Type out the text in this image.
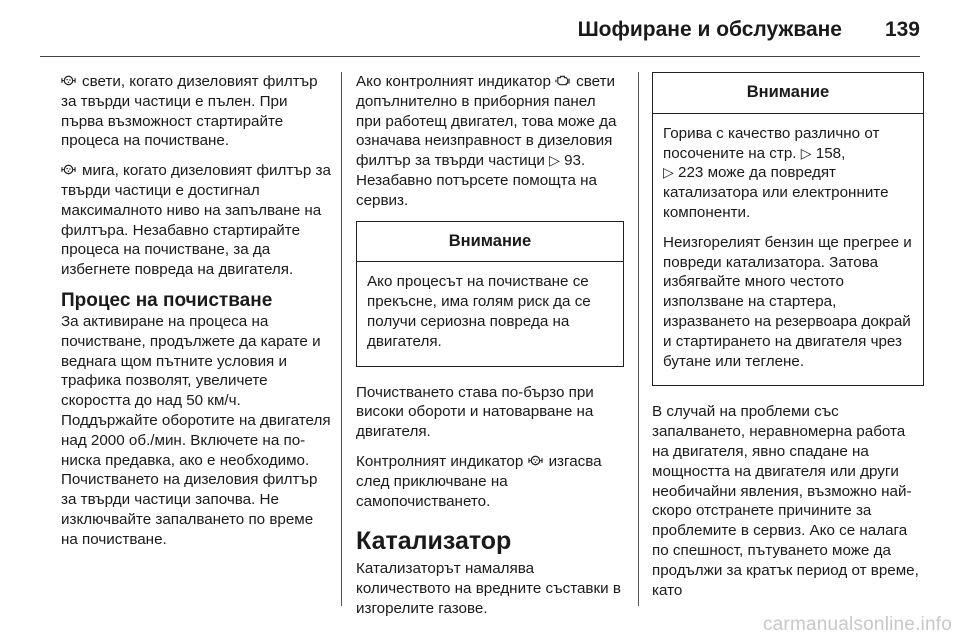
Шофиране и обслужване 139

свети, когато дизеловият филтър за твърди частици е пълен. При първа възможност стартирайте процеса на почистване.

мига, когато дизеловият филтър за твърди частици е достигнал максималното ниво на запълване на филтъра. Незабавно стартирайте процеса на почистване, за да избегнете повреда на двигателя.

Процес на почистване

За активиране на процеса на почистване, продължете да карате и веднага щом пътните условия и трафика позволят, увеличете скоростта до над 50 км/ч. Поддържайте оборотите на двигателя над 2000 об./мин. Включете на по-ниска предавка, ако е необходимо. Почистването на дизеловия филтър за твърди частици започва. Не изключвайте запалването по време на почистване.

Ако контролният индикатор свети допълнително в приборния панел при работещ двигател, това може да означава неизправност в дизеловия филтър за твърди частици ▷ 93. Незабавно потърсете помощта на сервиз.

Внимание

Ако процесът на почистване се прекъсне, има голям риск да се получи сериозна повреда на двигателя.

Почистването става по-бързо при високи обороти и натоварване на двигателя.

Контролният индикатор изгасва след приключване на самопочистването.

Катализатор

Катализаторът намалява количеството на вредните съставки в изгорелите газове.

Внимание

Горива с качество различно от посочените на стр. ▷ 158,
▷ 223 може да повредят катализатора или електронните компоненти.

Неизгорелият бензин ще прегрее и повреди катализатора. Затова избягвайте много честото използване на стартера, изразването на резервоара докрай и стартирането на двигателя чрез бутане или теглене.

В случай на проблеми със запалването, неравномерна работа на двигателя, явно спадане на мощността на двигателя или други необичайни явления, възможно най-скоро отстранете причините за проблемите в сервиз. Ако се налага по спешност, пътуването може да продължи за кратък период от време, като

carmanualsonline.info
